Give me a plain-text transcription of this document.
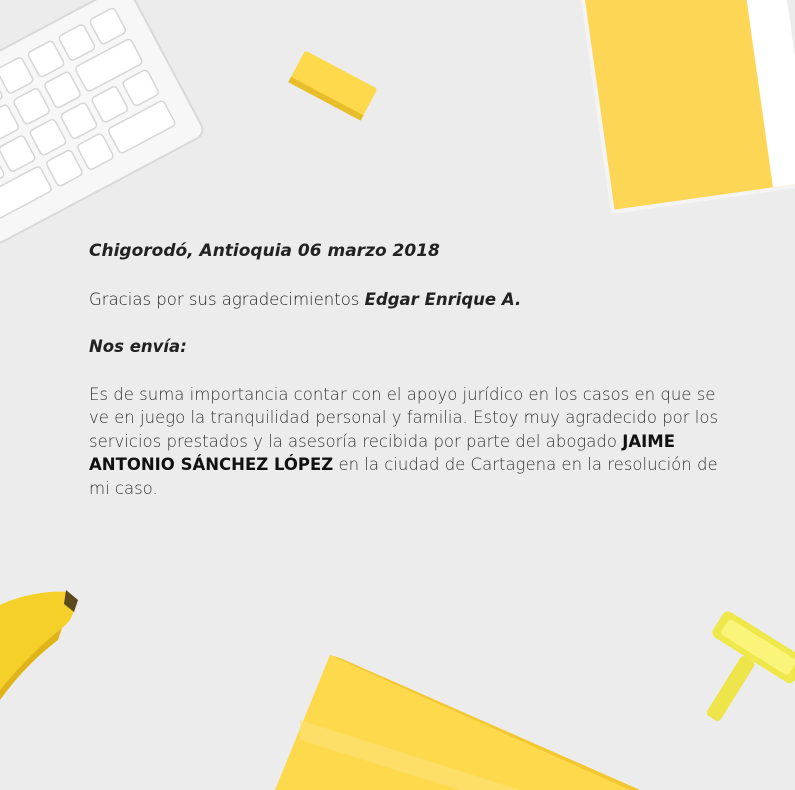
Chigorodó, Antioquia 06 marzo 2018

Gracias por sus agradecimientos Edgar Enrique A.

Nos envía:

Es de suma importancia contar con el apoyo jurídico en los casos en que se ve en juego la tranquilidad personal y familia. Estoy muy agradecido por los servicios prestados y la asesoría recibida por parte del abogado JAIME ANTONIO SÁNCHEZ LÓPEZ en la ciudad de Cartagena en la resolución de mi caso.
